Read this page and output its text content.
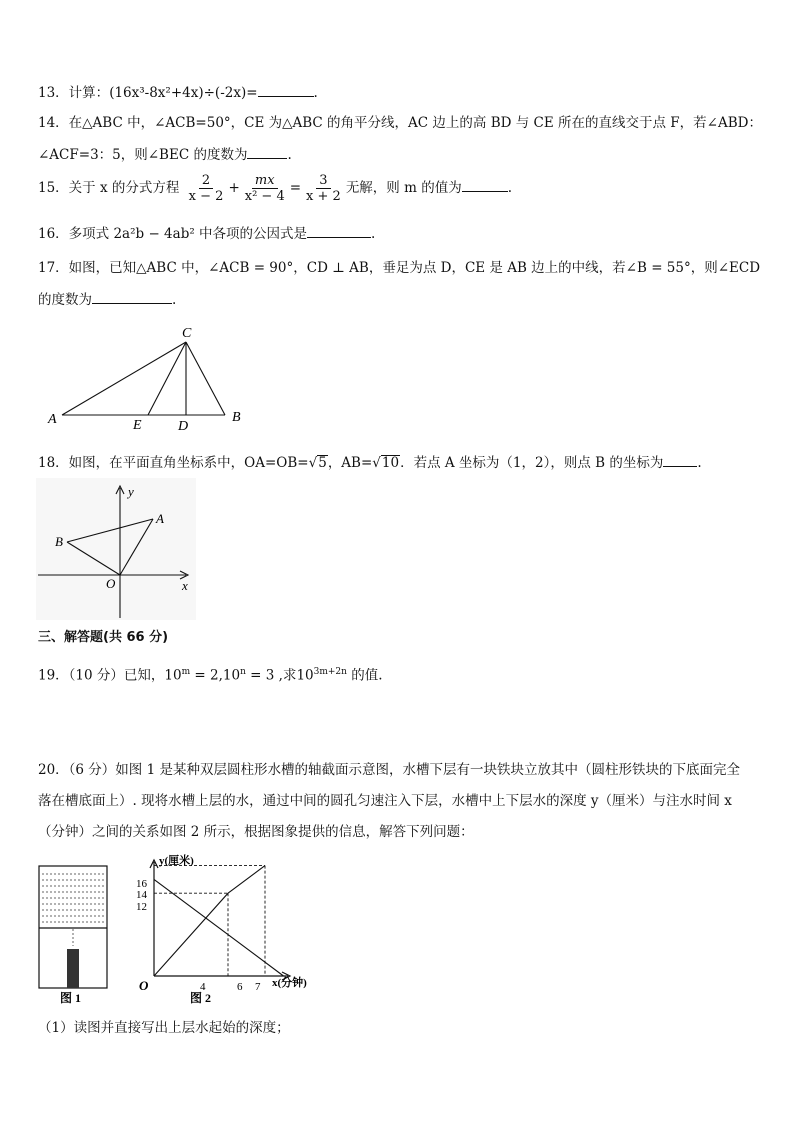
13．计算：(16x³-8x²+4x)÷(-2x)=	.
14．在△ABC 中，∠ACB=50°，CE 为△ABC 的角平分线，AC 边上的高 BD 与 CE 所在的直线交于点 F，若∠ABD：
∠ACF=3：5，则∠BEC 的度数为	.
15．关于 x 的分式方程 $\frac{2}{x - 2} + \frac{mx}{\text{x² − 4}} = \frac{3}{x + 2}$ 无解，则 m 的值为	.
16．多项式 2a²b − 4ab² 中各项的公因式是	.
17．如图，已知△ABC 中，∠ACB = 90°，CD ⊥ AB，垂足为点 D，CE 是 AB 边上的中线，若∠B = 55°，则∠ECD
的度数为	.
A
C
B
E	D
18．如图，在平面直角坐标系中，OA=OB=√5，AB=√10．若点 A 坐标为（1，2），则点 B 的坐标为	.
y
x
O
A
B
三、解答题(共 66 分)
19．（10 分）已知，$10^m = 2,10^n = 3$ ,求$10^{3m+2n}$ 的值.
20．（6 分）如图 1 是某种双层圆柱形水槽的轴截面示意图，水槽下层有一块铁块立放其中（圆柱形铁块的下底面完全
落在槽底面上）. 现将水槽上层的水，通过中间的圆孔匀速注入下层，水槽中上下层水的深度 y（厘米）与注水时间 x
（分钟）之间的关系如图 2 所示，根据图象提供的信息，解答下列问题：
图 1
y(厘米)
x(分钟)
O
16
14
12
4	6 7
图 2
（1）读图并直接写出上层水起始的深度；
